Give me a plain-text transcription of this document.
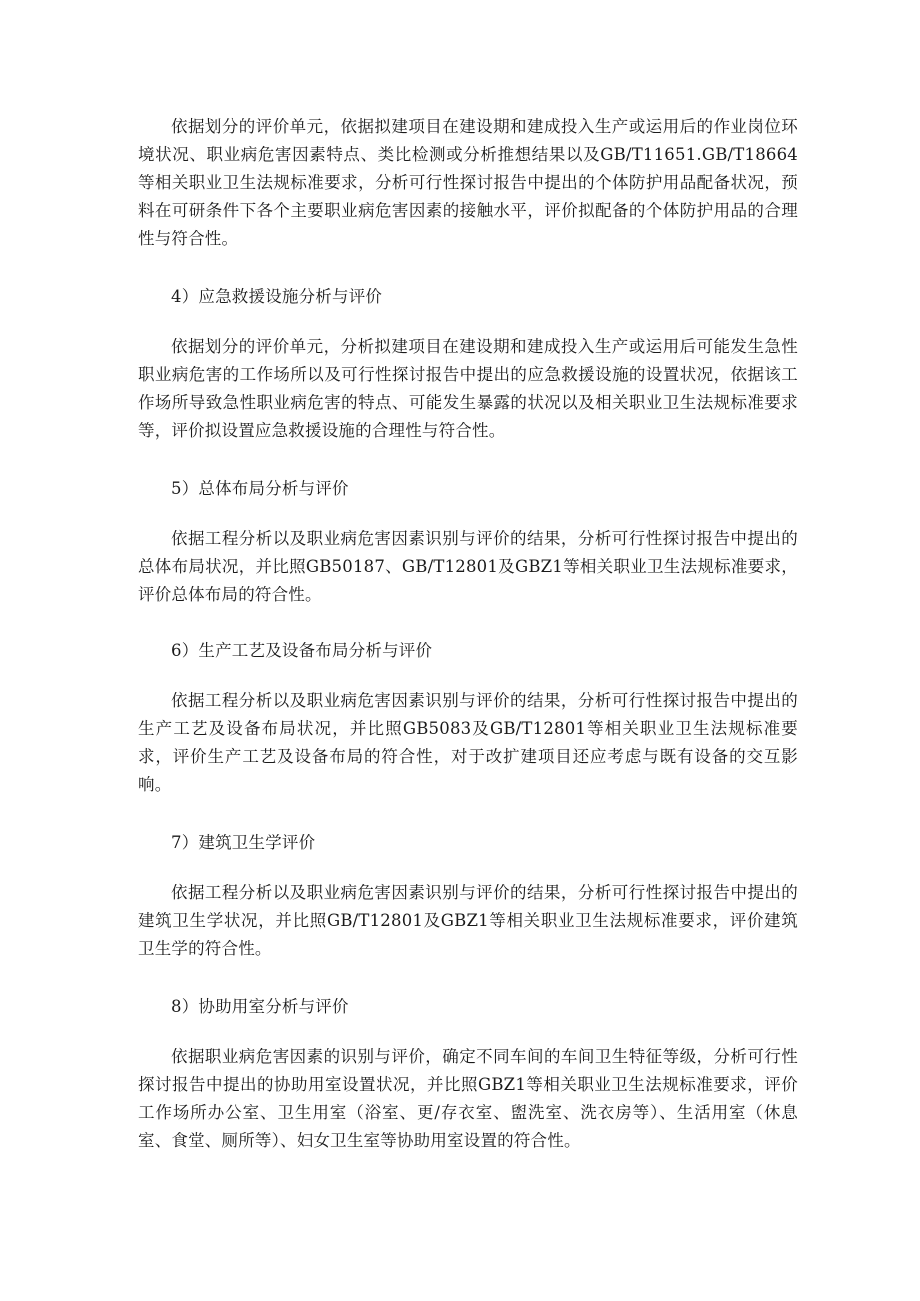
依据划分的评价单元，依据拟建项目在建设期和建成投入生产或运用后的作业岗位环境状况、职业病危害因素特点、类比检测或分析推想结果以及GB/T11651.GB/T18664等相关职业卫生法规标准要求，分析可行性探讨报告中提出的个体防护用品配备状况，预料在可研条件下各个主要职业病危害因素的接触水平，评价拟配备的个体防护用品的合理性与符合性。

4）应急救援设施分析与评价

依据划分的评价单元，分析拟建项目在建设期和建成投入生产或运用后可能发生急性职业病危害的工作场所以及可行性探讨报告中提出的应急救援设施的设置状况，依据该工作场所导致急性职业病危害的特点、可能发生暴露的状况以及相关职业卫生法规标准要求等，评价拟设置应急救援设施的合理性与符合性。

5）总体布局分析与评价

依据工程分析以及职业病危害因素识别与评价的结果，分析可行性探讨报告中提出的总体布局状况，并比照GB50187、GB/T12801及GBZ1等相关职业卫生法规标准要求，评价总体布局的符合性。

6）生产工艺及设备布局分析与评价

依据工程分析以及职业病危害因素识别与评价的结果，分析可行性探讨报告中提出的生产工艺及设备布局状况，并比照GB5083及GB/T12801等相关职业卫生法规标准要求，评价生产工艺及设备布局的符合性，对于改扩建项目还应考虑与既有设备的交互影响。

7）建筑卫生学评价

依据工程分析以及职业病危害因素识别与评价的结果，分析可行性探讨报告中提出的建筑卫生学状况，并比照GB/T12801及GBZ1等相关职业卫生法规标准要求，评价建筑卫生学的符合性。

8）协助用室分析与评价

依据职业病危害因素的识别与评价，确定不同车间的车间卫生特征等级，分析可行性探讨报告中提出的协助用室设置状况，并比照GBZ1等相关职业卫生法规标准要求，评价工作场所办公室、卫生用室（浴室、更/存衣室、盥洗室、洗衣房等）、生活用室（休息室、食堂、厕所等）、妇女卫生室等协助用室设置的符合性。
